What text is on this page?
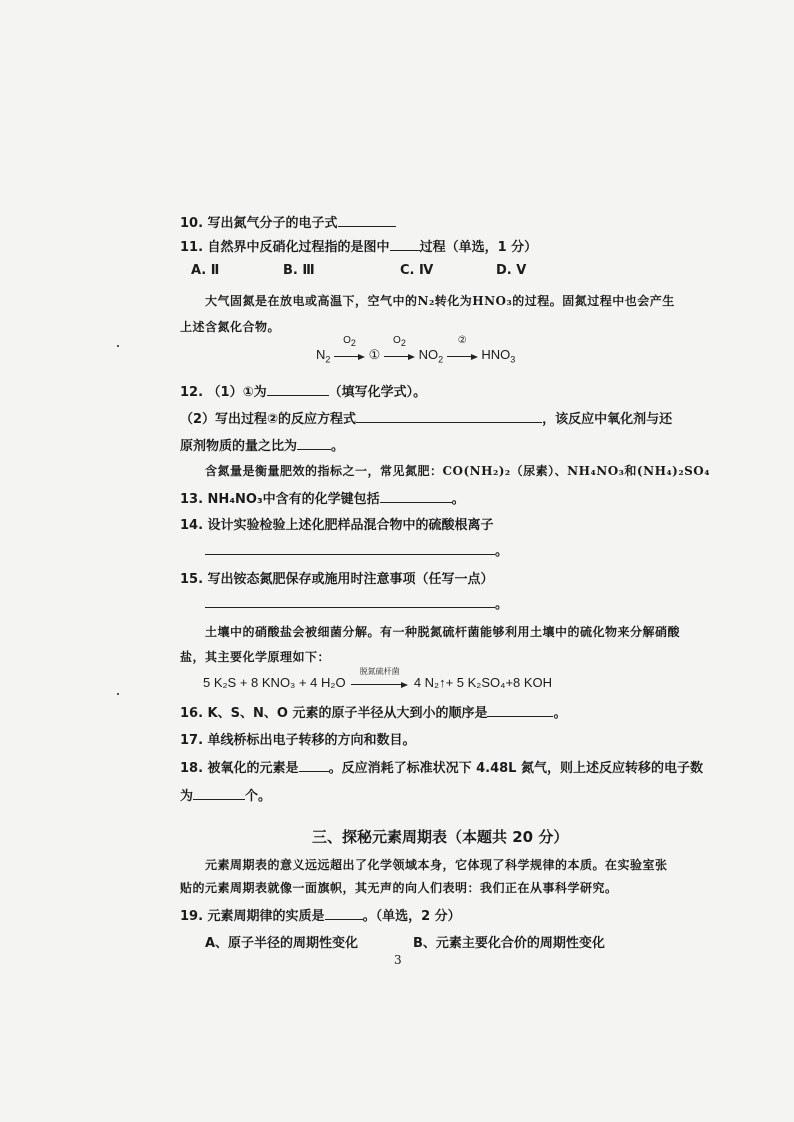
10. 写出氮气分子的电子式
11. 自然界中反硝化过程指的是图中 过程（单选，1 分）
A. Ⅱ	B. Ⅲ	C. Ⅳ	D. Ⅴ
大气固氮是在放电或高温下，空气中的N₂转化为HNO₃的过程。固氮过程中也会产生
上述含氮化合物。
$N_2$
$O_2$
①
$O_2$
$NO_2$
②
$HNO_3$
12. （1）①为	（填写化学式）。
（2）写出过程②的反应方程式	，该反应中氧化剂与还
原剂物质的量之比为	。
含氮量是衡量肥效的指标之一，常见氮肥：CO(NH₂)₂（尿素）、NH₄NO₃和(NH₄)₂SO₄
13. NH₄NO₃中含有的化学键包括	。
14. 设计实验检验上述化肥样品混合物中的硫酸根离子
。
15. 写出铵态氮肥保存或施用时注意事项（任写一点）
。
土壤中的硝酸盐会被细菌分解。有一种脱氮硫杆菌能够利用土壤中的硫化物来分解硝酸
盐，其主要化学原理如下：
5 K₂S + 8 KNO₃ + 4 H₂O
脱氮硫杆菌
4 N₂↑+ 5 K₂SO₄+8 KOH
16. K、S、N、O 元素的原子半径从大到小的顺序是	。
17. 单线桥标出电子转移的方向和数目。
18. 被氧化的元素是 。反应消耗了标准状况下 4.48L 氮气，则上述反应转移的电子数
为	个。
三、探秘元素周期表（本题共 20 分）
元素周期表的意义远远超出了化学领域本身，它体现了科学规律的本质。在实验室张
贴的元素周期表就像一面旗帜，其无声的向人们表明：我们正在从事科学研究。
19. 元素周期律的实质是	。（单选，2 分）
A、原子半径的周期性变化	B、元素主要化合价的周期性变化
3
